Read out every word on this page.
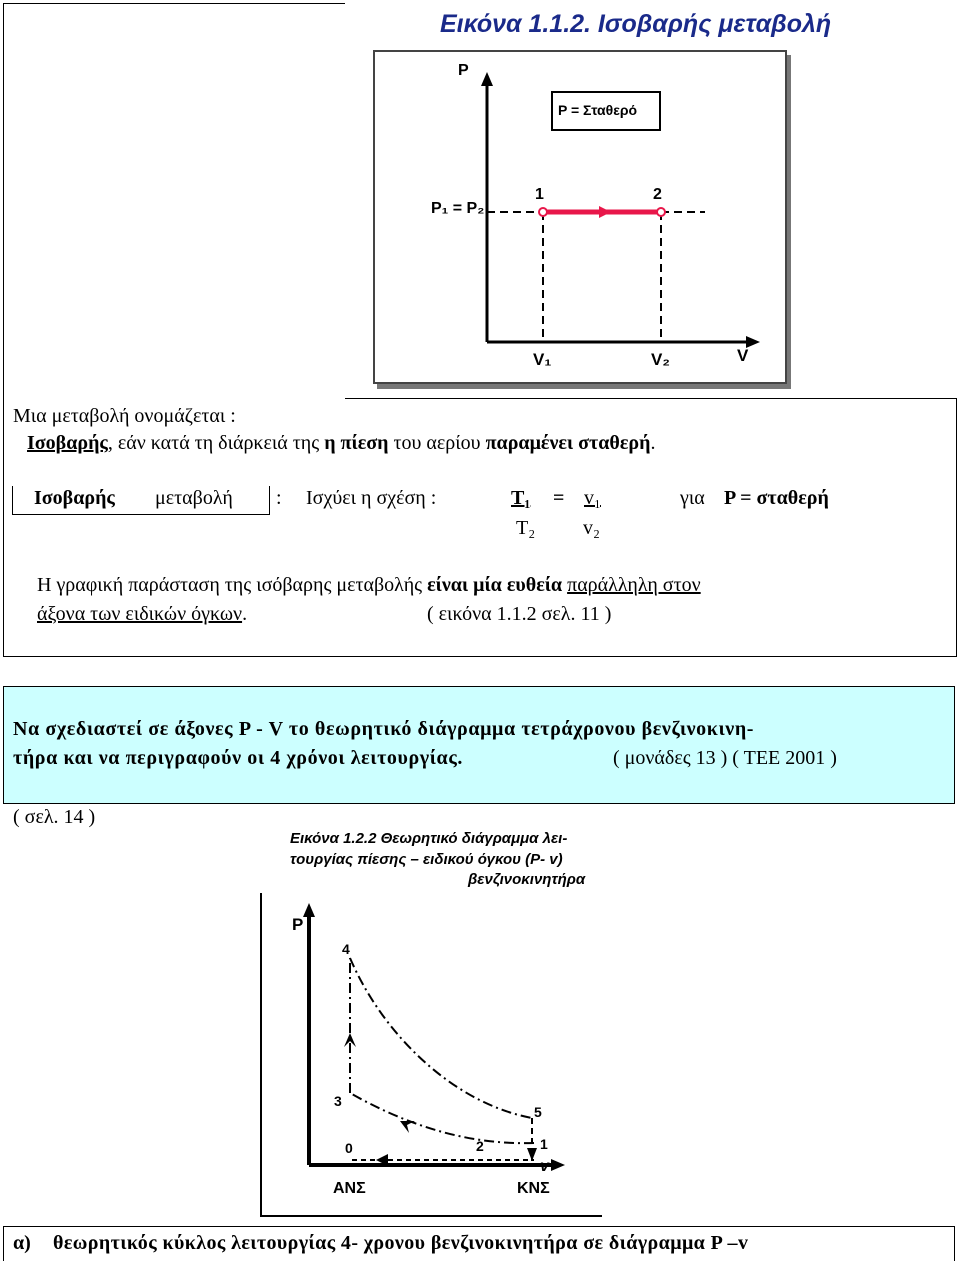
Εικόνα 1.1.2. Ισοβαρής μεταβολή
P
P = Σταθερό
P₁ = P₂
1	2
V₁	V₂	V
Μια μεταβολή ονομάζεται :
Ισοβαρής, εάν κατά τη διάρκειά της η πίεση του αερίου παραμένει σταθερή.
Ισοβαρής μεταβολή : Ισχύει η σχέση :	T₁ = v₁
T₂ v₂
για P = σταθερή
Η γραφική παράσταση της ισόβαρης μεταβολής είναι μία ευθεία παράλληλη στον
άξονα των ειδικών όγκων.	( εικόνα 1.1.2 σελ. 11 )
Να σχεδιαστεί σε άξονες P - V το θεωρητικό διάγραμμα τετράχρονου βενζινοκινη-
τήρα και να περιγραφούν οι 4 χρόνοι λειτουργίας.	( μονάδες 13 ) ( ΤΕΕ 2001 )
( σελ. 14 )
Εικόνα 1.2.2 Θεωρητικό διάγραμμα λει-
τουργίας πίεσης – ειδικού όγκου (P- v)
βενζινοκινητήρα
P
4
3
5
0	2	1
v
ΑΝΣ	ΚΝΣ
α) θεωρητικός κύκλος λειτουργίας 4- χρονου βενζινοκινητήρα σε διάγραμμα P –v
